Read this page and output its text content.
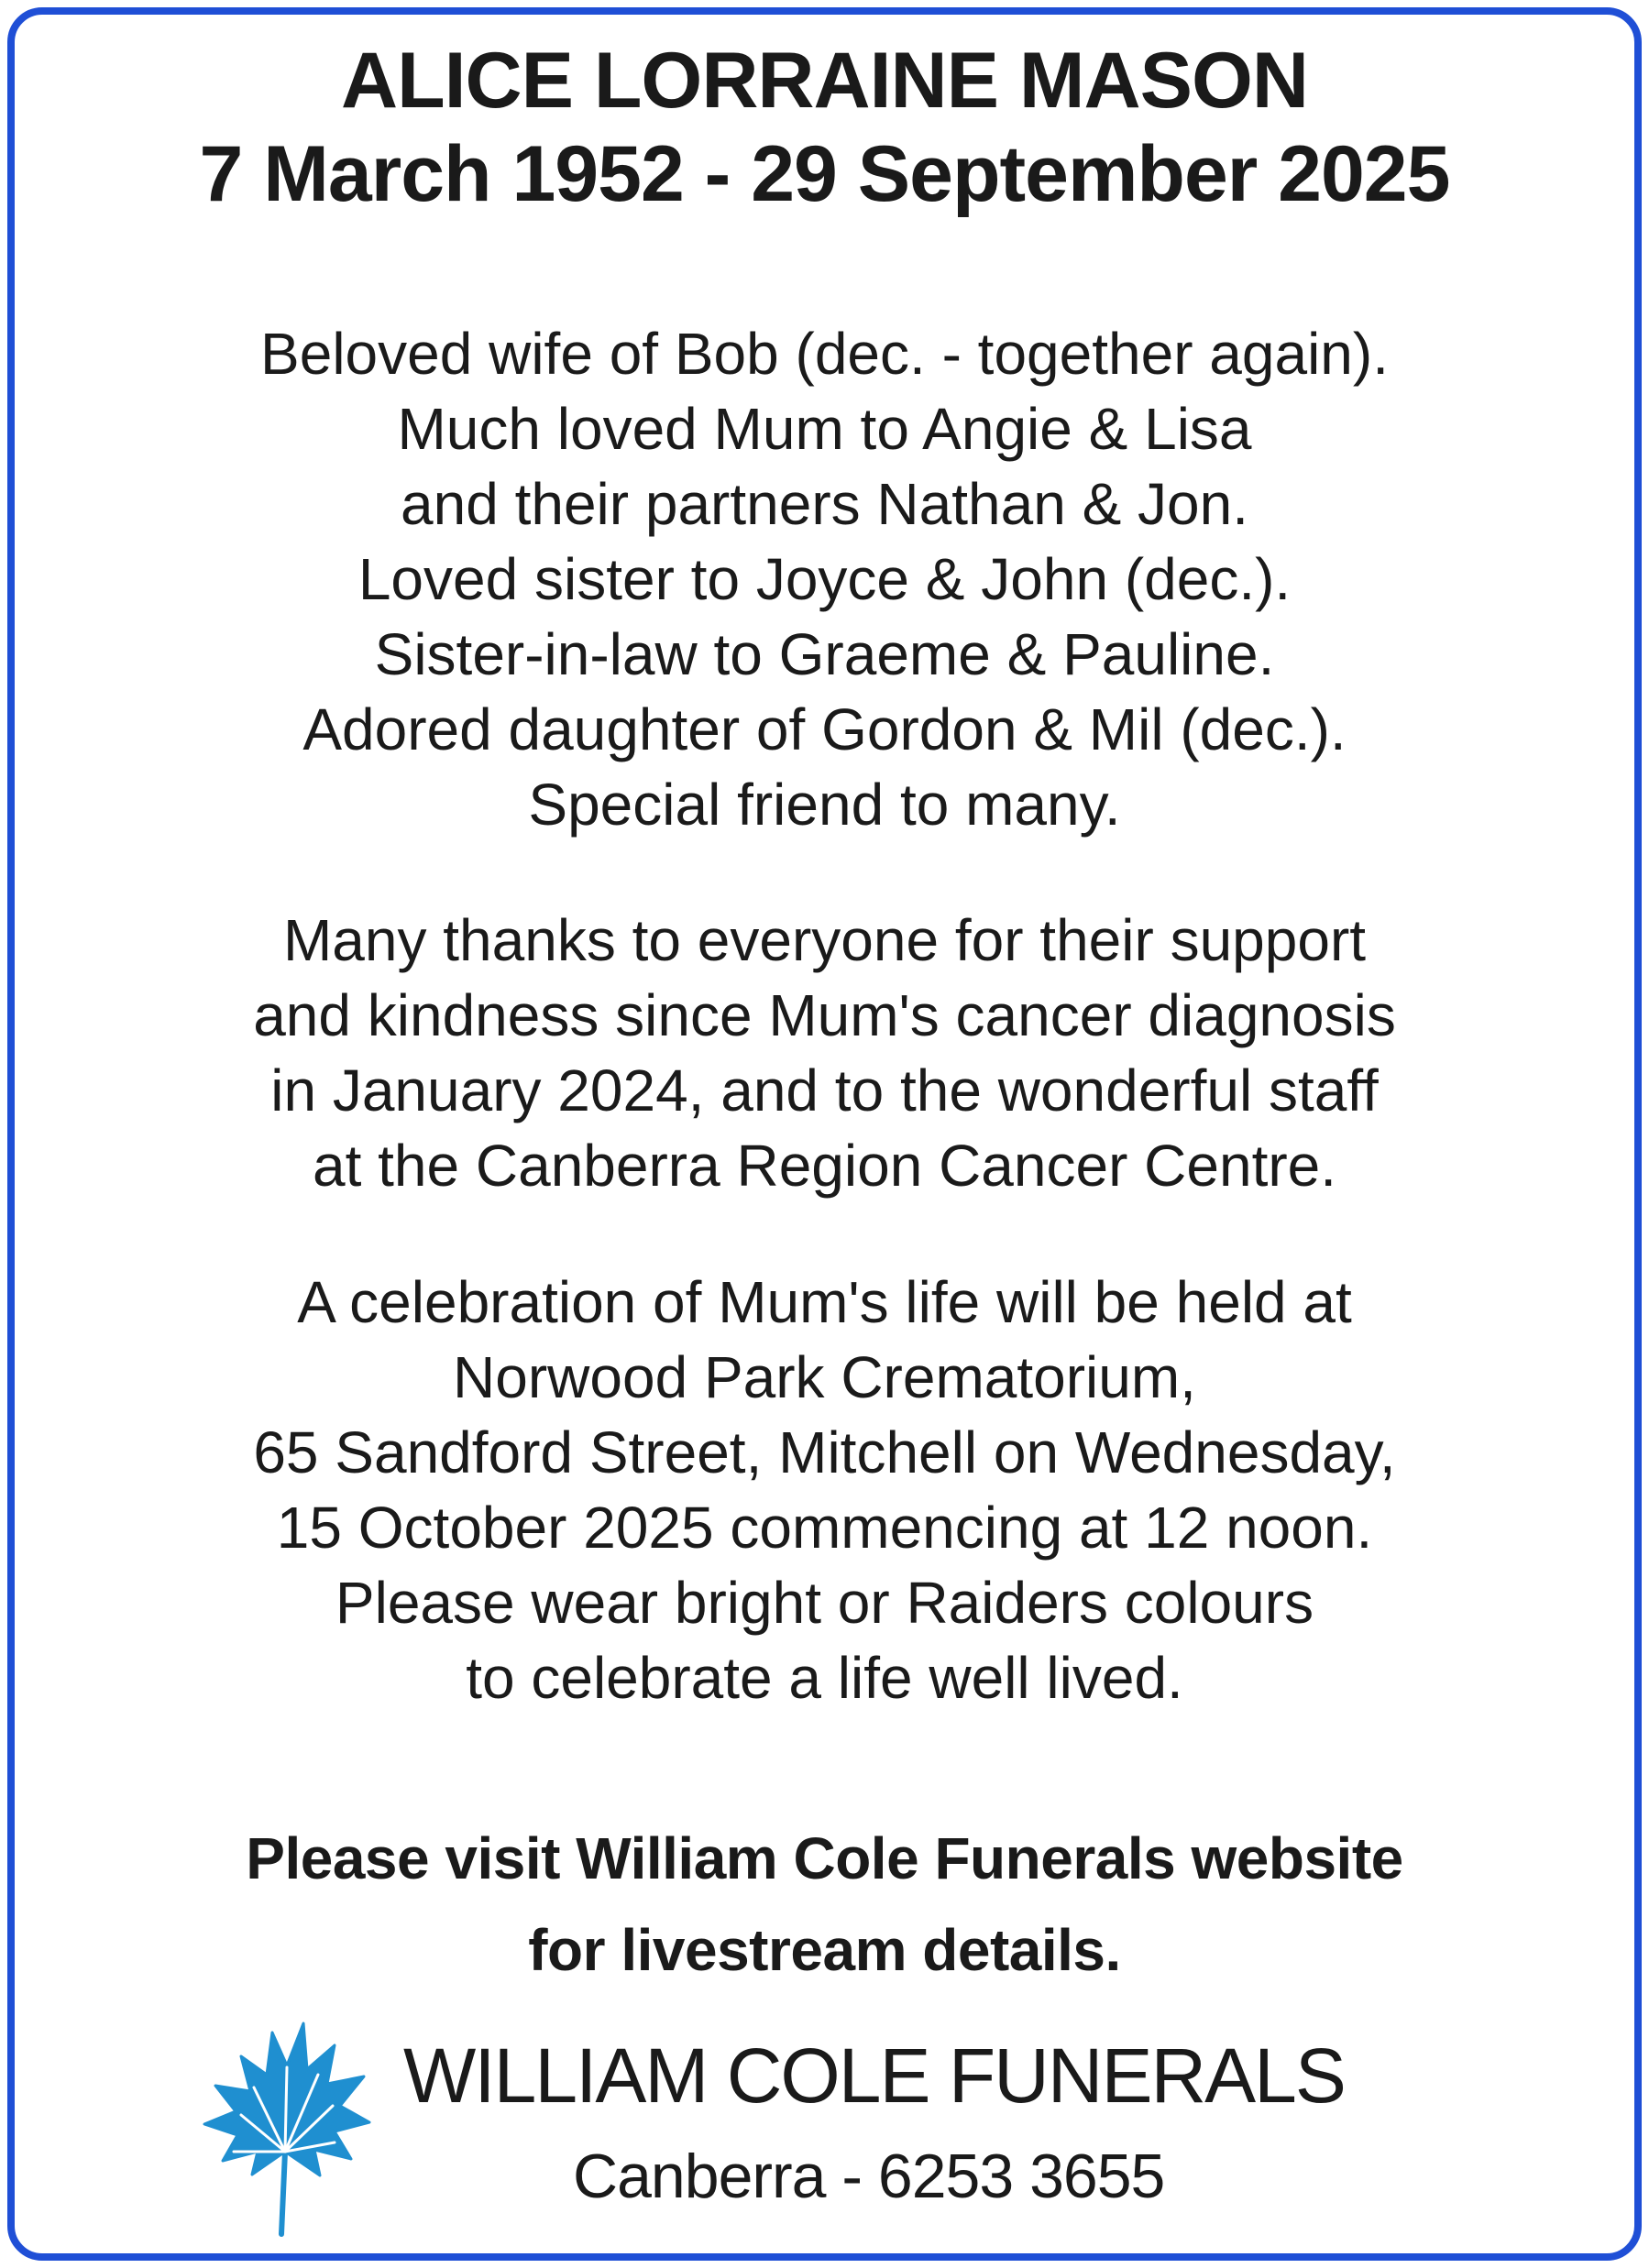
ALICE LORRAINE MASON
7 March 1952 - 29 September 2025
Beloved wife of Bob (dec. - together again).
Much loved Mum to Angie & Lisa
and their partners Nathan & Jon.
Loved sister to Joyce & John (dec.).
Sister-in-law to Graeme & Pauline.
Adored daughter of Gordon & Mil (dec.).
Special friend to many.
Many thanks to everyone for their support
and kindness since Mum's cancer diagnosis
in January 2024, and to the wonderful staff
at the Canberra Region Cancer Centre.
A celebration of Mum's life will be held at
Norwood Park Crematorium,
65 Sandford Street, Mitchell on Wednesday,
15 October 2025 commencing at 12 noon.
Please wear bright or Raiders colours
to celebrate a life well lived.
Please visit William Cole Funerals website
for livestream details.
WILLIAM COLE FUNERALS
Canberra - 6253 3655
